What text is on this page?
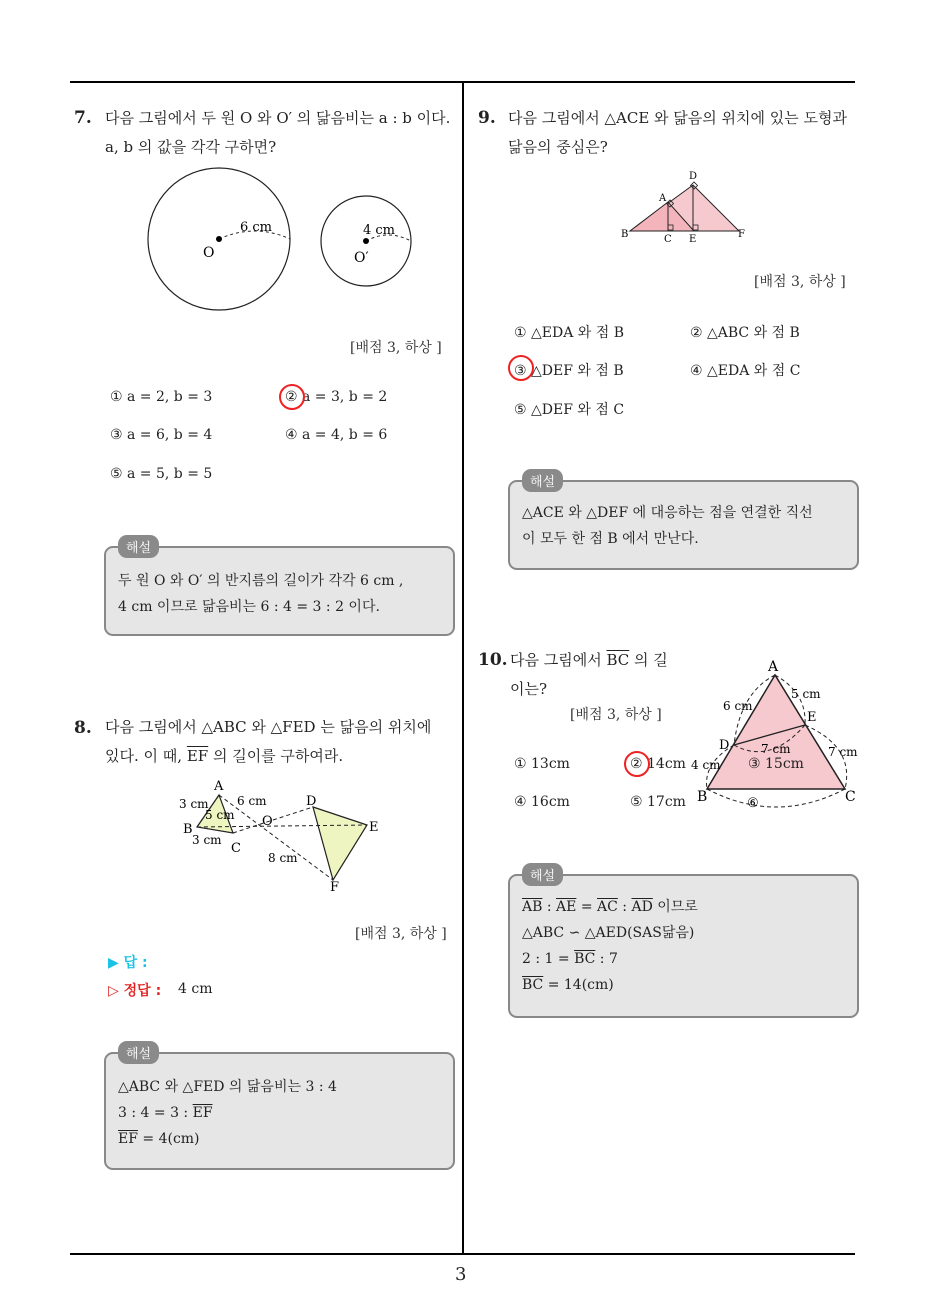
3
7. 다음 그림에서 두 원 O 와 O′ 의 닮음비는 a : b 이다.
a, b 의 값을 각각 구하면?
O
6 cm
O′
4 cm
[배점 3, 하상 ]
① a = 2, b = 3	② a = 3, b = 2
③ a = 6, b = 4	④ a = 4, b = 6
⑤ a = 5, b = 5
두 원 O 와 O′ 의 반지름의 길이가 각각 6 cm ,
4 cm 이므로 닮음비는 6 : 4 = 3 : 2 이다.
해설
8. 다음 그림에서 △ABC 와 △FED 는 닮음의 위치에
있다. 이 때, $\overline{EF}$ 의 길이를 구하여라.
A
B
C
O
D
E
F
3 cm
5 cm
6 cm
3 cm
8 cm
[배점 3, 하상 ]
▶ 답 :
▷ 정답 : 4 cm
△ABC 와 △FED 의 닮음비는 3 : 4
3 : 4 = 3 : $\overline{EF}$
$\overline{EF} = 4(cm)$
해설
9. 다음 그림에서 △ACE 와 닮음의 위치에 있는 도형과
닮음의 중심은?
A
B	C
D
E	F
[배점 3, 하상 ]
① △EDA 와 점 B	② △ABC 와 점 B
③ △DEF 와 점 B	④ △EDA 와 점 C
⑤ △DEF 와 점 C
△ACE 와 △DEF 에 대응하는 점을 연결한 직선
이 모두 한 점 B 에서 만난다.
해설
10. 다음 그림에서 $\overline{BC}$ 의 길
이는?
[배점 3, 하상 ]
A
B	C
D
E
6 cm
5 cm
7 cm	7 cm
4 cm
⑥
① 13cm	② 14cm	③ 15cm
④ 16cm	⑤ 17cm
$\overline{AB}$ : $\overline{AE} = \overline{AC}$ : $\overline{AD}$ 이므로
△ABC ∽ △AED(SAS닮음)
2 : $1 = \overline{BC}$ : 7
$\overline{BC} = 14(cm)$
해설
